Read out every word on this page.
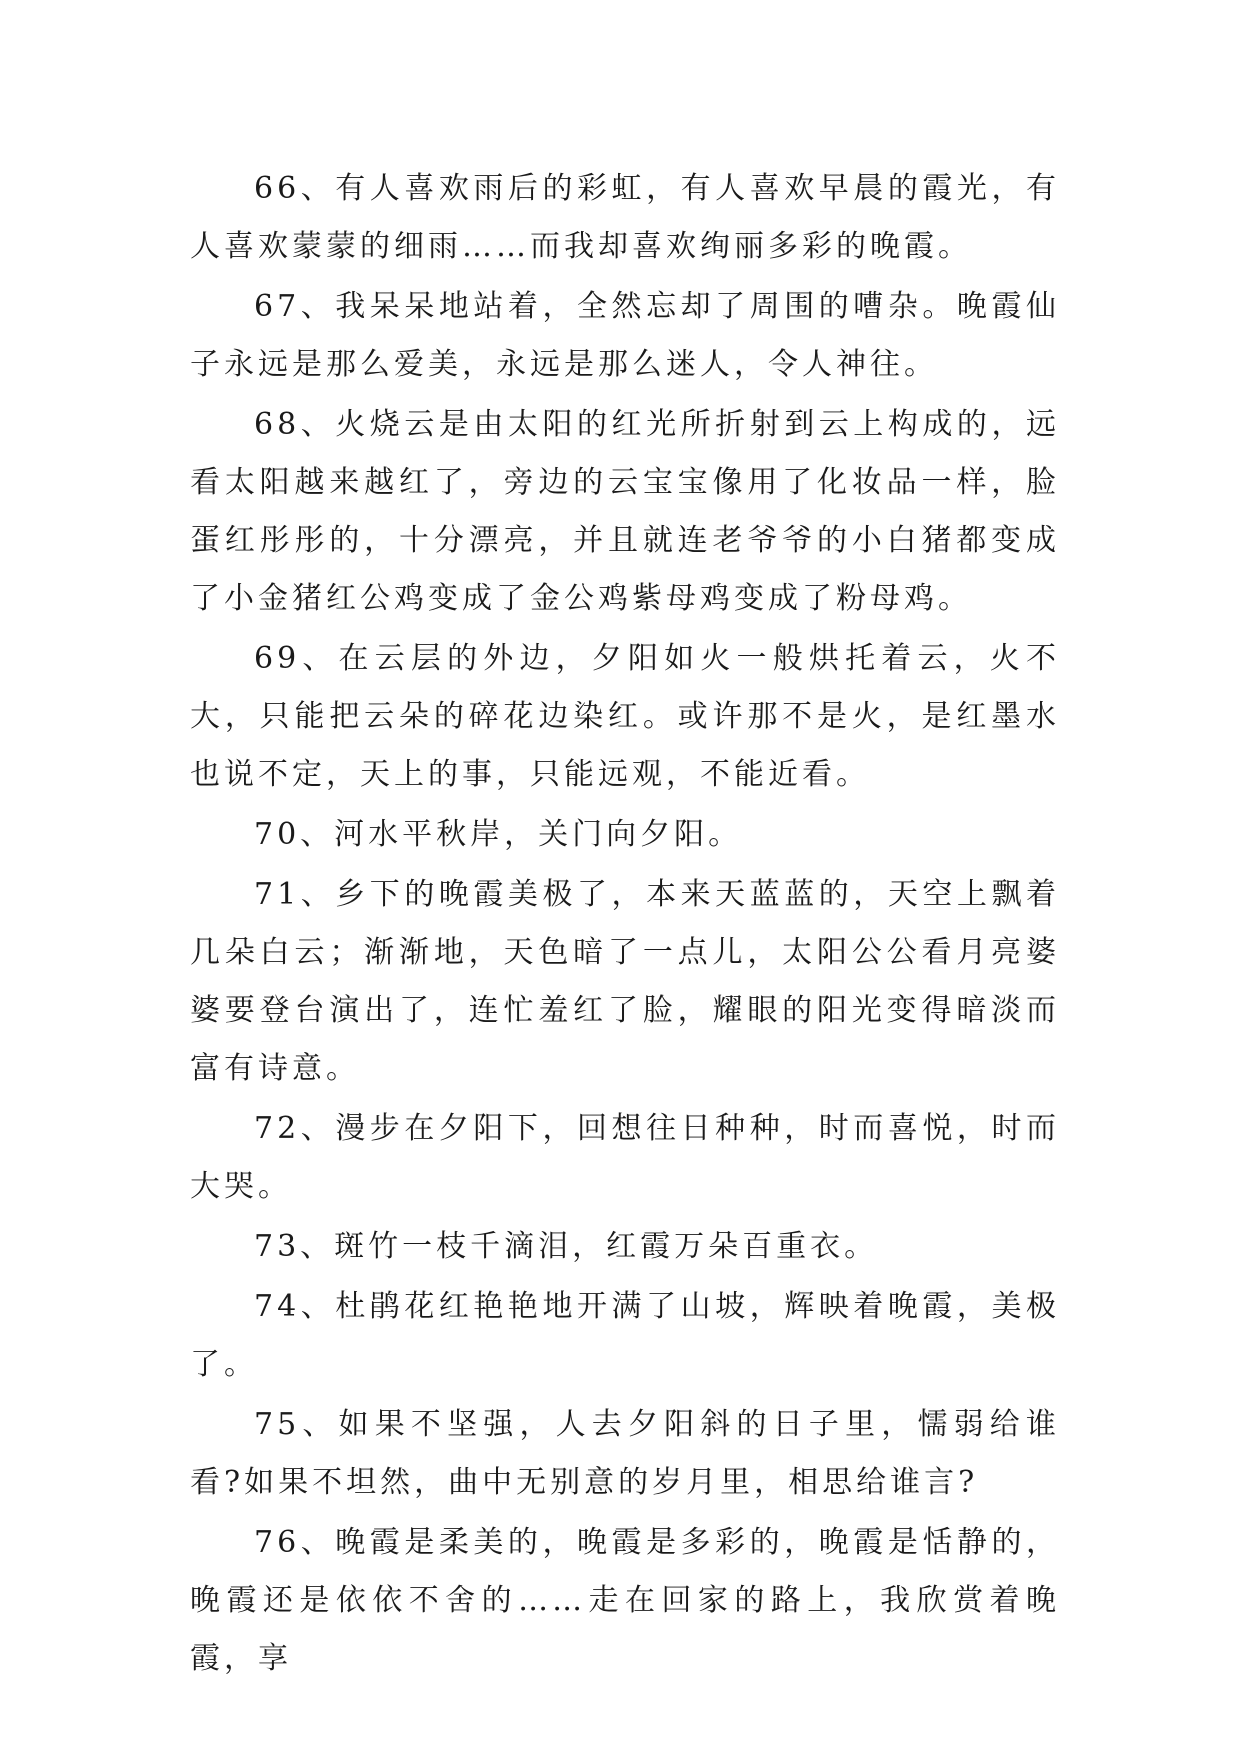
66、有人喜欢雨后的彩虹，有人喜欢早晨的霞光，有人喜欢蒙蒙的细雨……而我却喜欢绚丽多彩的晚霞。

67、我呆呆地站着，全然忘却了周围的嘈杂。晚霞仙子永远是那么爱美，永远是那么迷人，令人神往。

68、火烧云是由太阳的红光所折射到云上构成的，远看太阳越来越红了，旁边的云宝宝像用了化妆品一样，脸蛋红彤彤的，十分漂亮，并且就连老爷爷的小白猪都变成了小金猪红公鸡变成了金公鸡紫母鸡变成了粉母鸡。

69、在云层的外边，夕阳如火一般烘托着云，火不大，只能把云朵的碎花边染红。或许那不是火，是红墨水也说不定，天上的事，只能远观，不能近看。

70、河水平秋岸，关门向夕阳。

71、乡下的晚霞美极了，本来天蓝蓝的，天空上飘着几朵白云；渐渐地，天色暗了一点儿，太阳公公看月亮婆婆要登台演出了，连忙羞红了脸，耀眼的阳光变得暗淡而富有诗意。

72、漫步在夕阳下，回想往日种种，时而喜悦，时而大哭。

73、斑竹一枝千滴泪，红霞万朵百重衣。

74、杜鹃花红艳艳地开满了山坡，辉映着晚霞，美极了。

75、如果不坚强，人去夕阳斜的日子里，懦弱给谁看?如果不坦然，曲中无别意的岁月里，相思给谁言?

76、晚霞是柔美的，晚霞是多彩的，晚霞是恬静的，晚霞还是依依不舍的……走在回家的路上，我欣赏着晚霞，享
